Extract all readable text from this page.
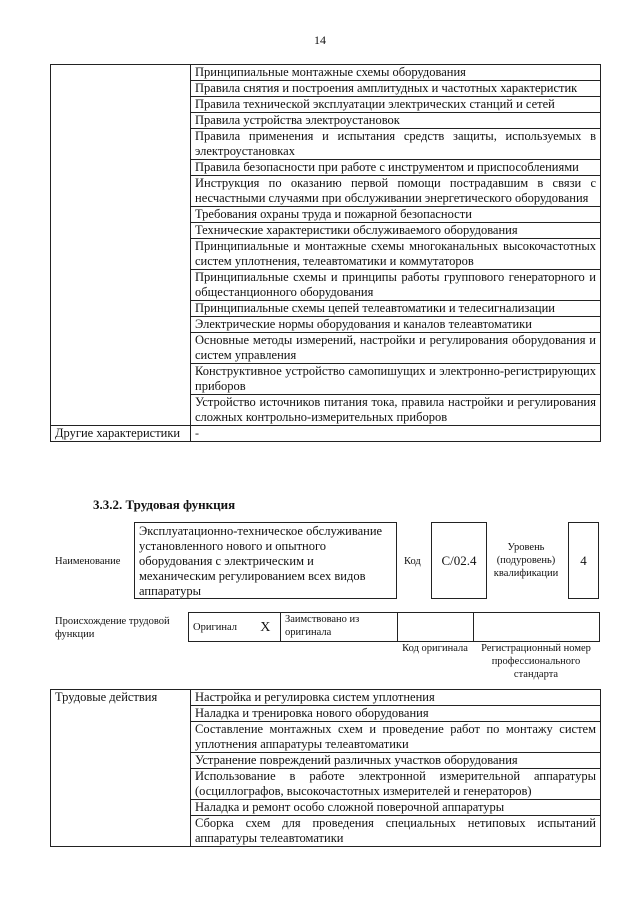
14
	Принципиальные монтажные схемы оборудования
	Правила снятия и построения амплитудных и частотных характеристик
	Правила технической эксплуатации электрических станций и сетей
	Правила устройства электроустановок
	Правила применения и испытания средств защиты, используемых в электроустановках
	Правила безопасности при работе с инструментом и приспособлениями
	Инструкция по оказанию первой помощи пострадавшим в связи с несчастными случаями при обслуживании энергетического оборудования
	Требования охраны труда и пожарной безопасности
	Технические характеристики обслуживаемого оборудования
	Принципиальные и монтажные схемы многоканальных высокочастотных систем уплотнения, телеавтоматики и коммутаторов
	Принципиальные схемы и принципы работы группового генераторного и общестанционного оборудования
	Принципиальные схемы цепей телеавтоматики и телесигнализации
	Электрические нормы оборудования и каналов телеавтоматики
	Основные методы измерений, настройки и регулирования оборудования и систем управления
	Конструктивное устройство самопишущих и электронно-регистрирующих приборов
	Устройство источников питания тока, правила настройки и регулирования сложных контрольно-измерительных приборов
Другие характеристики	-
3.3.2. Трудовая функция
Наименование
Эксплуатационно-техническое обслуживание установленного нового и опытного оборудования с электрическим и механическим регулированием всех видов аппаратуры
Код C/02.4
Уровень (подуровень) квалификации
4
Происхождение трудовой функции
Оригинал	X	Заимствовано из оригинала		
Код оригинала	Регистрационный номер профессионального стандарта
Трудовые действия	Настройка и регулировка систем уплотнения
Наладка и тренировка нового оборудования
Составление монтажных схем и проведение работ по монтажу систем уплотнения аппаратуры телеавтоматики
Устранение повреждений различных участков оборудования
Использование в работе электронной измерительной аппаратуры (осциллографов, высокочастотных измерителей и генераторов)
Наладка и ремонт особо сложной поверочной аппаратуры
Сборка схем для проведения специальных нетиповых испытаний аппаратуры телеавтоматики
